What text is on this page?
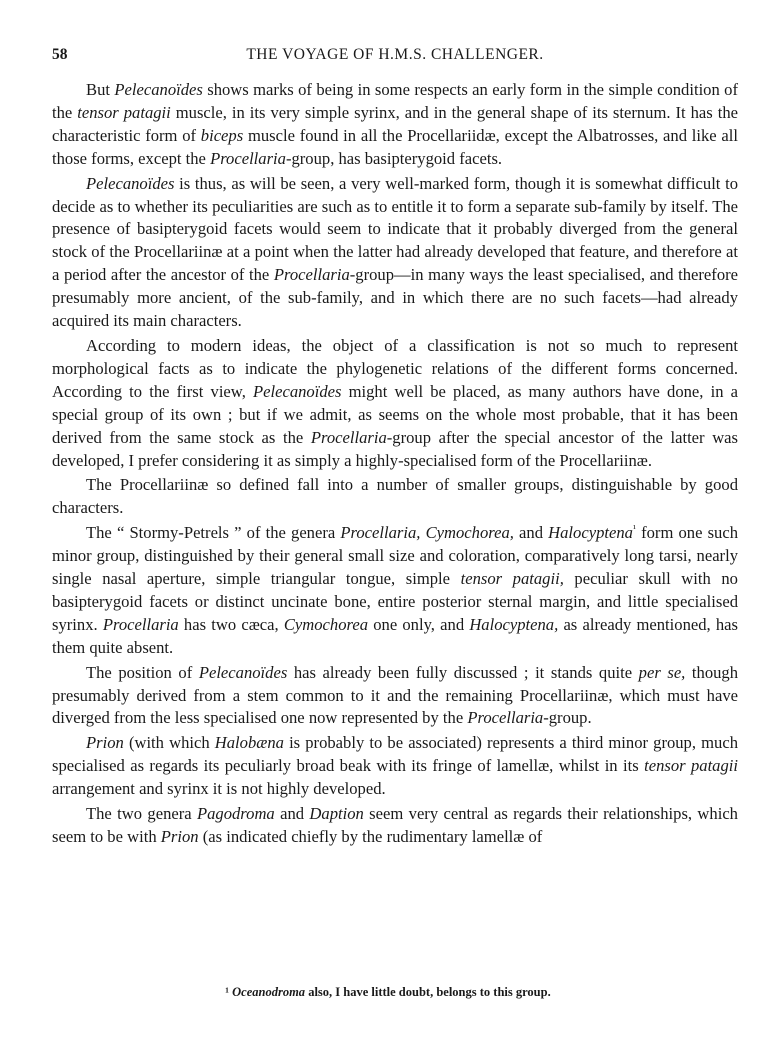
58	THE VOYAGE OF H.M.S. CHALLENGER.

But Pelecanoïdes shows marks of being in some respects an early form in the simple condition of the tensor patagii muscle, in its very simple syrinx, and in the general shape of its sternum. It has the characteristic form of biceps muscle found in all the Procellariidæ, except the Albatrosses, and like all those forms, except the Procellaria-group, has basipterygoid facets.

Pelecanoïdes is thus, as will be seen, a very well-marked form, though it is somewhat difficult to decide as to whether its peculiarities are such as to entitle it to form a separate sub-family by itself. The presence of basipterygoid facets would seem to indicate that it probably diverged from the general stock of the Procellariinæ at a point when the latter had already developed that feature, and therefore at a period after the ancestor of the Procellaria-group—in many ways the least specialised, and therefore presumably more ancient, of the sub-family, and in which there are no such facets—had already acquired its main characters.

According to modern ideas, the object of a classification is not so much to represent morphological facts as to indicate the phylogenetic relations of the different forms concerned. According to the first view, Pelecanoïdes might well be placed, as many authors have done, in a special group of its own ; but if we admit, as seems on the whole most probable, that it has been derived from the same stock as the Procellaria-group after the special ancestor of the latter was developed, I prefer considering it as simply a highly-specialised form of the Procellariinæ.

The Procellariinæ so defined fall into a number of smaller groups, distinguishable by good characters.

The “ Stormy-Petrels ” of the genera Procellaria, Cymochorea, and Halocyptena$^{^1}$ form one such minor group, distinguished by their general small size and coloration, comparatively long tarsi, nearly single nasal aperture, simple triangular tongue, simple tensor patagii, peculiar skull with no basipterygoid facets or distinct uncinate bone, entire posterior sternal margin, and little specialised syrinx. Procellaria has two cæca, Cymochorea one only, and Halocyptena, as already mentioned, has them quite absent.

The position of Pelecanoïdes has already been fully discussed ; it stands quite per se, though presumably derived from a stem common to it and the remaining Procellariinæ, which must have diverged from the less specialised one now represented by the Procellaria-group.

Prion (with which Halobæna is probably to be associated) represents a third minor group, much specialised as regards its peculiarly broad beak with its fringe of lamellæ, whilst in its tensor patagii arrangement and syrinx it is not highly developed.

The two genera Pagodroma and Daption seem very central as regards their relationships, which seem to be with Prion (as indicated chiefly by the rudimentary lamellæ of

¹ Oceanodroma also, I have little doubt, belongs to this group.
